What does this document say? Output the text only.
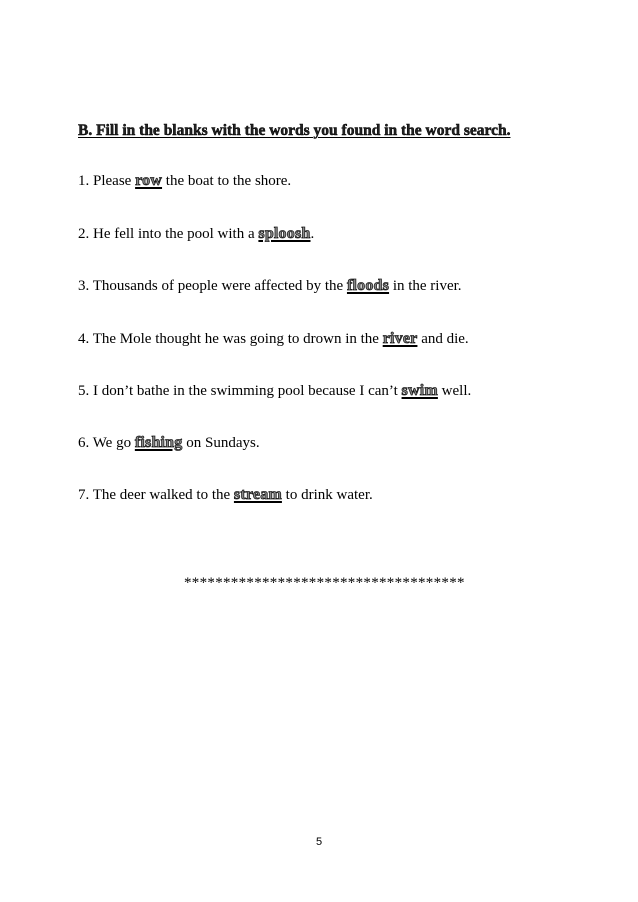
B. Fill in the blanks with the words you found in the word search.
1. Please row the boat to the shore.
2. He fell into the pool with a sploosh.
3. Thousands of people were affected by the floods in the river.
4. The Mole thought he was going to drown in the river and die.
5. I don’t bathe in the swimming pool because I can’t swim well.
6. We go fishing on Sundays.
7. The deer walked to the stream to drink water.
************************************
5
